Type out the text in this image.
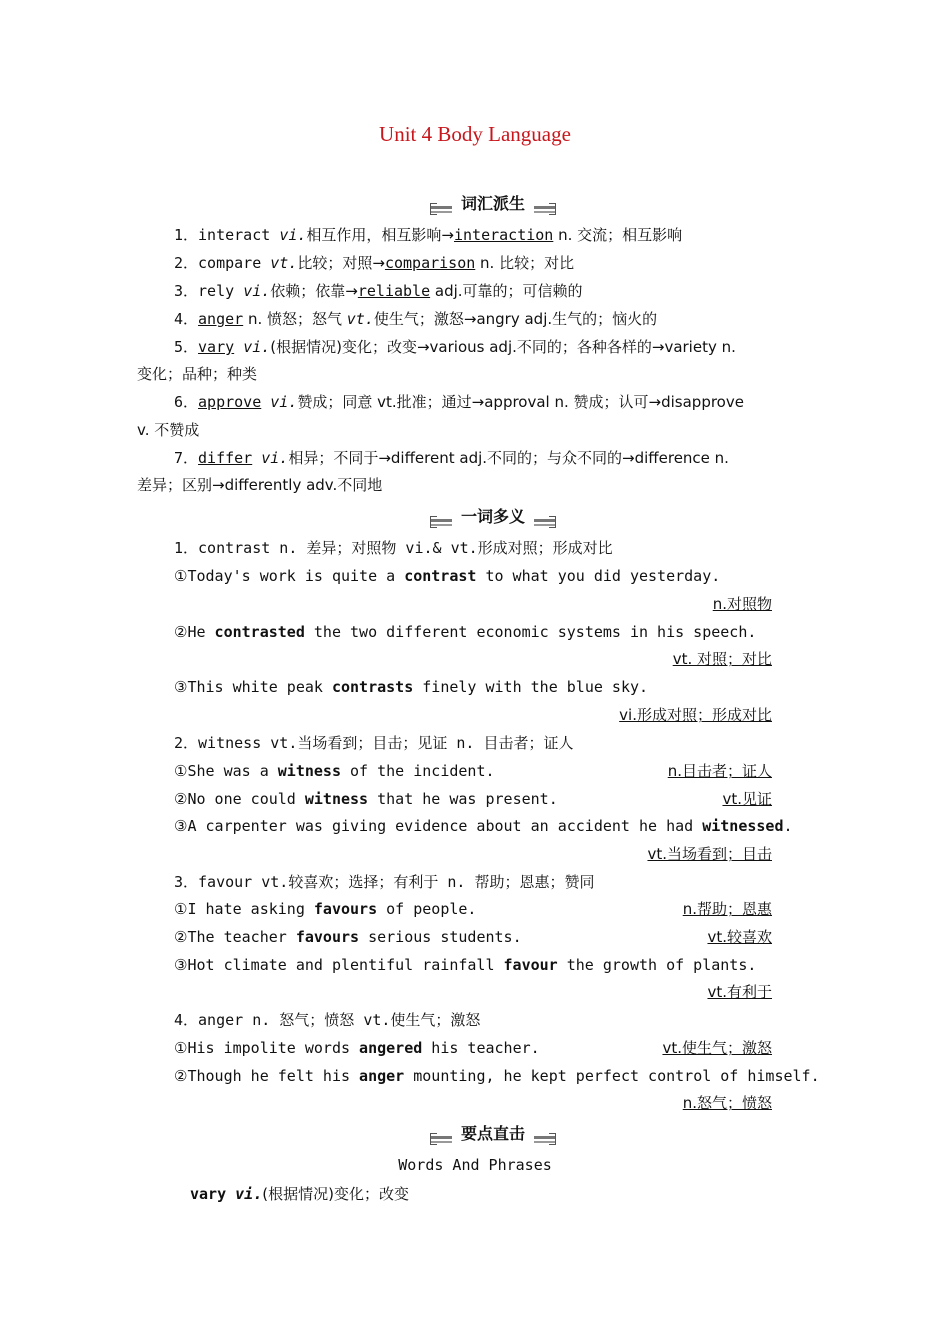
Unit 4 Body Language
词汇派生
1．interact vi.相互作用，相互影响→interaction n. 交流；相互影响
2．compare vt.比较；对照→comparison n. 比较；对比
3．rely vi.依赖；依靠→reliable adj.可靠的；可信赖的
4．anger n. 愤怒；怒气 vt.使生气；激怒→angry adj.生气的；恼火的
5．vary vi.(根据情况)变化；改变→various adj.不同的；各种各样的→variety n.
变化；品种；种类
6．approve vi.赞成；同意 vt.批准；通过→approval n. 赞成；认可→disapprove
v. 不赞成
7．differ vi.相异；不同于→different adj.不同的；与众不同的→difference n.
差异；区别→differently adv.不同地
一词多义
1．contrast n. 差异；对照物 vi.& vt.形成对照；形成对比
①Today's work is quite a contrast to what you did yesterday.
n.对照物
②He contrasted the two different economic systems in his speech.
vt. 对照；对比
③This white peak contrasts finely with the blue sky.
vi.形成对照；形成对比
2．witness vt.当场看到；目击；见证 n. 目击者；证人
①She was a witness of the incident.	n.目击者；证人
②No one could witness that he was present.	vt.见证
③A carpenter was giving evidence about an accident he had witnessed.
vt.当场看到；目击
3．favour vt.较喜欢；选择；有利于 n. 帮助；恩惠；赞同
①I hate asking favours of people.	n.帮助；恩惠
②The teacher favours serious students.	vt.较喜欢
③Hot climate and plentiful rainfall favour the growth of plants.
vt.有利于
4．anger n. 怒气；愤怒 vt.使生气；激怒
①His impolite words angered his teacher.	vt.使生气；激怒
②Though he felt his anger mounting, he kept perfect control of himself.
n.怒气；愤怒
要点直击
Words And Phrases
vary vi.(根据情况)变化；改变
